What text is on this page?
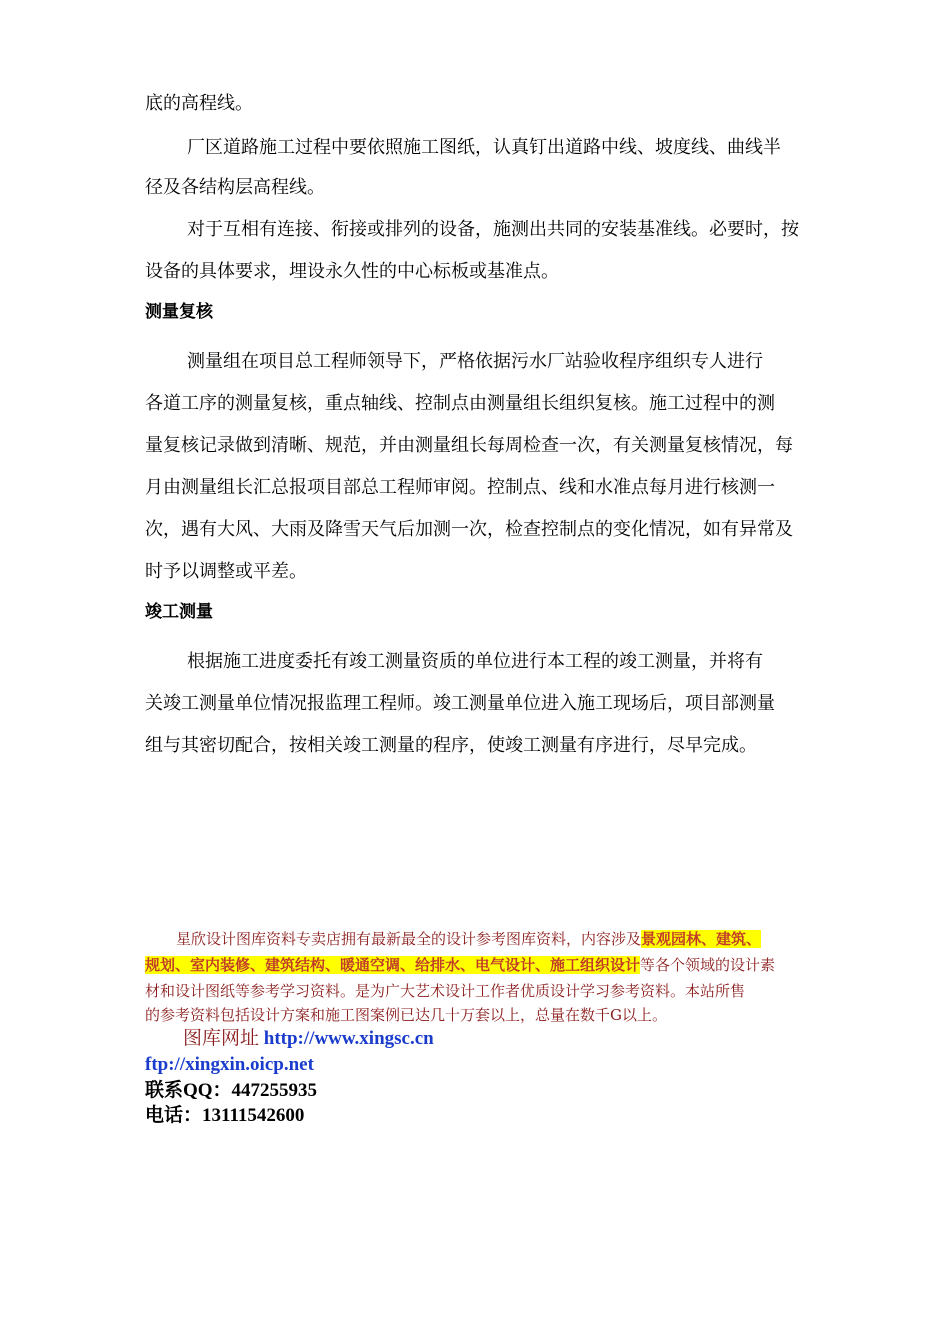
底的高程线。
厂区道路施工过程中要依照施工图纸，认真钉出道路中线、坡度线、曲线半
径及各结构层高程线。
对于互相有连接、衔接或排列的设备，施测出共同的安装基准线。必要时，按
设备的具体要求，埋设永久性的中心标板或基准点。
测量复核
测量组在项目总工程师领导下，严格依据污水厂站验收程序组织专人进行
各道工序的测量复核，重点轴线、控制点由测量组长组织复核。施工过程中的测
量复核记录做到清晰、规范，并由测量组长每周检查一次，有关测量复核情况，每
月由测量组长汇总报项目部总工程师审阅。控制点、线和水准点每月进行核测一
次，遇有大风、大雨及降雪天气后加测一次，检查控制点的变化情况，如有异常及
时予以调整或平差。
竣工测量
根据施工进度委托有竣工测量资质的单位进行本工程的竣工测量，并将有
关竣工测量单位情况报监理工程师。竣工测量单位进入施工现场后，项目部测量
组与其密切配合，按相关竣工测量的程序，使竣工测量有序进行，尽早完成。
星欣设计图库资料专卖店拥有最新最全的设计参考图库资料，内容涉及景观园林、建筑、
规划、室内装修、建筑结构、暖通空调、给排水、电气设计、施工组织设计等各个领域的设计素
材和设计图纸等参考学习资料。是为广大艺术设计工作者优质设计学习参考资料。本站所售
的参考资料包括设计方案和施工图案例已达几十万套以上，总量在数千G以上。
图库网址 http://www.xingsc.cn
ftp://xingxin.oicp.net
联系QQ：447255935
电话：13111542600
